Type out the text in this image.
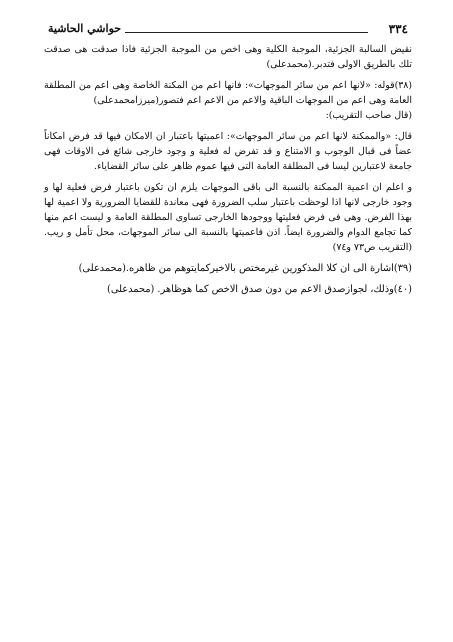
٣٣٤
حواشي الحاشية

نقيض السالبة الجزئية، الموجبة الكلية وهى اخص من الموجبة الجزئية فاذا صدقت هى صدقت تلك بالطريق الاولى فتدبر.(محمدعلى)

(٣٨)قوله: «لانها اعم من سائر الموجهات»: فانها اعم من المكنة الخاصة وهى اعم من المطلقة العامة وهى اعم من الموجهات الباقية والاعم من الاعم اعم فتصور(ميرزامحمدعلى)

(قال صاحب التقريب):

قال: «والممكنة لانها اعم من سائر الموجهات»: اعميتها باعتبار ان الامكان فيها قد فرض امكاناً عضاً فى قبال الوجوب و الامتناع و قد تفرض له فعلية و وجود خارجى شائع فى الاوقات فهى جامعة لاعتبارين ليسا فى المطلقة العامة التى فيها عموم ظاهر على سائر القضاياء.

و اعلم ان اعمية الممكنة بالنسبة الى باقى الموجهات يلزم ان تكون باعتبار فرض فعلية لها و وجود خارجى لانها اذا لوحظت باعتبار سلب الضرورة فهى معاندة للقضايا الضرورية ولا اعمية لها بهذا الفرض. وهى فى فرض فعليتها ووجودها الخارجى تساوى المطلقة العامة و ليست اعم منها كما تجامع الدوام والضرورة ايضاً. اذن فاعميتها بالنسبة الى سائر الموجهات، محل تأمل و ريب.(التقريب ص٧٣ و٧٤)

(٣٩)اشارة الى ان كلا المذكورين غيرمختص بالاخيركمايتوهم من ظاهره.(محمدعلى)

(٤٠)وذلك، لجوازصدق الاعم من دون صدق الاخص كما هوظاهر. (محمدعلى)
